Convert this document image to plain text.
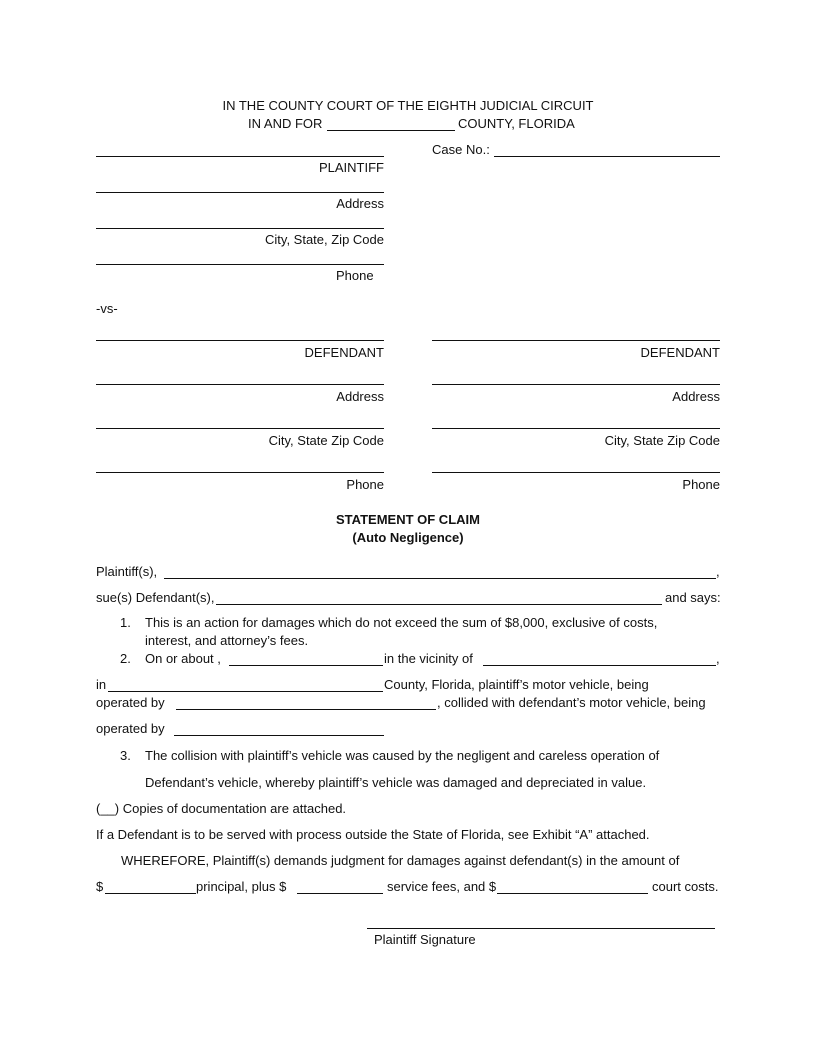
IN THE COUNTY COURT OF THE EIGHTH JUDICIAL CIRCUIT
IN AND FOR	COUNTY, FLORIDA
Case No.:
PLAINTIFF
Address
City, State, Zip Code
Phone
-vs-
DEFENDANT
Address
City, State Zip Code
Phone
DEFENDANT
Address
City, State Zip Code
Phone
STATEMENT OF CLAIM
(Auto Negligence)
Plaintiff(s),	,
sue(s) Defendant(s),	and says:
1. This is an action for damages which do not exceed the sum of $8,000, exclusive of costs,
interest, and attorney’s fees.
2. On or about ,	in the vicinity of	,
in	County, Florida, plaintiff’s motor vehicle, being
operated by	, collided with defendant’s motor vehicle, being
operated by
3. The collision with plaintiff’s vehicle was caused by the negligent and careless operation of
Defendant’s vehicle, whereby plaintiff’s vehicle was damaged and depreciated in value.
(__) Copies of documentation are attached.
If a Defendant is to be served with process outside the State of Florida, see Exhibit “A” attached.
WHEREFORE, Plaintiff(s) demands judgment for damages against defendant(s) in the amount of
$	principal, plus $	service fees, and $	court costs.
Plaintiff Signature
